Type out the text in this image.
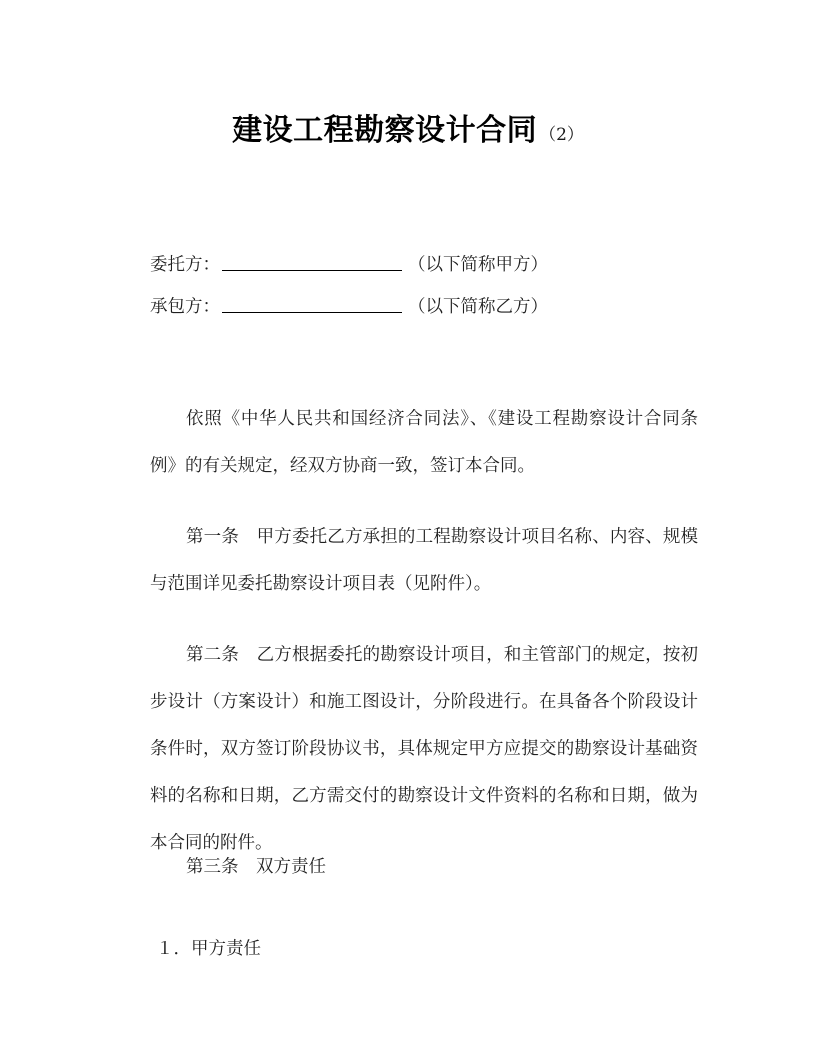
建设工程勘察设计合同 （2）
委托方：	（以下简称甲方）
承包方：	（以下简称乙方）

依照《中华人民共和国经济合同法》、《建设工程勘察设计合同条例》的有关规定，经双方协商一致，签订本合同。

第一条　甲方委托乙方承担的工程勘察设计项目名称、内容、规模与范围详见委托勘察设计项目表（见附件）。

第二条　乙方根据委托的勘察设计项目，和主管部门的规定，按初步设计（方案设计）和施工图设计，分阶段进行。在具备各个阶段设计条件时，双方签订阶段协议书，具体规定甲方应提交的勘察设计基础资料的名称和日期，乙方需交付的勘察设计文件资料的名称和日期，做为本合同的附件。

第三条　双方责任

１．甲方责任
